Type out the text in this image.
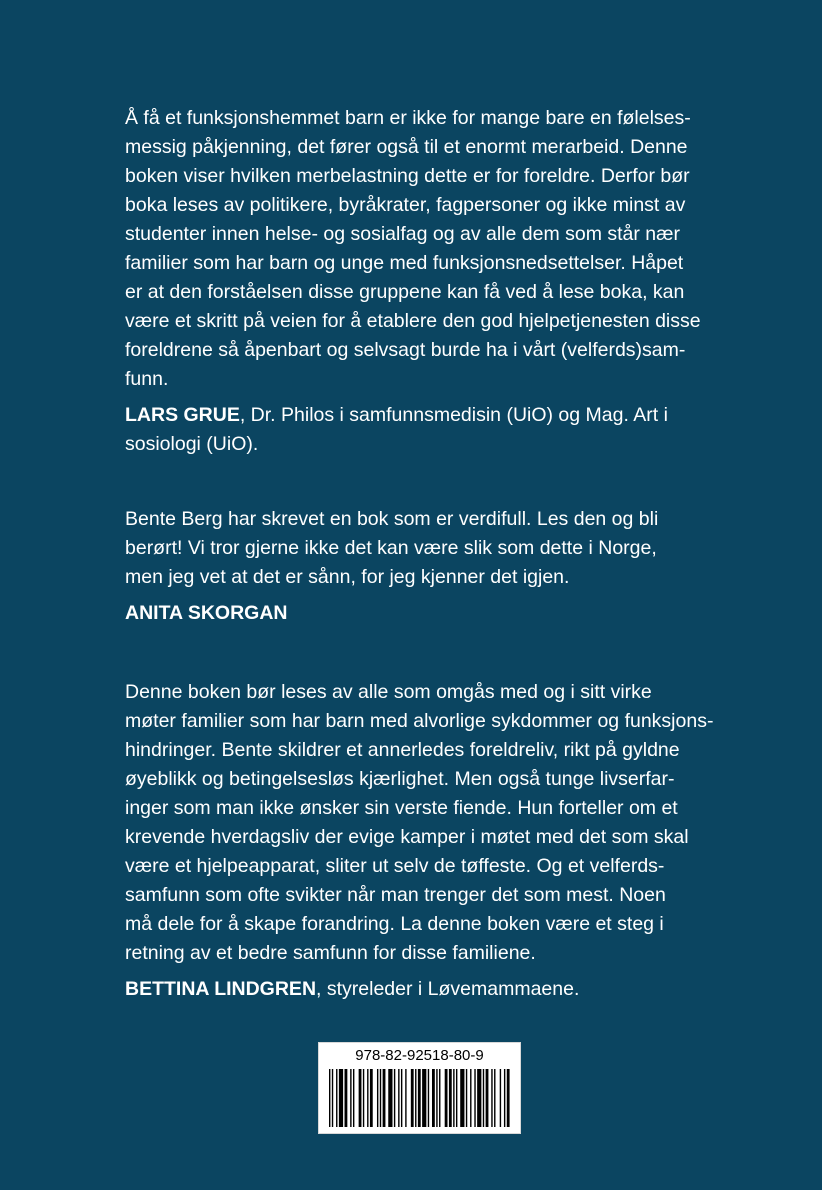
Å få et funksjonshemmet barn er ikke for mange bare en følelses-
messig påkjenning, det fører også til et enormt merarbeid. Denne
boken viser hvilken merbelastning dette er for foreldre. Derfor bør
boka leses av politikere, byråkrater, fagpersoner og ikke minst av
studenter innen helse- og sosialfag og av alle dem som står nær
familier som har barn og unge med funksjonsnedsettelser. Håpet
er at den forståelsen disse gruppene kan få ved å lese boka, kan
være et skritt på veien for å etablere den god hjelpetjenesten disse
foreldrene så åpenbart og selvsagt burde ha i vårt (velferds)sam-
funn.

LARS GRUE, Dr. Philos i samfunnsmedisin (UiO) og Mag. Art i
sosiologi (UiO).

Bente Berg har skrevet en bok som er verdifull. Les den og bli
berørt! Vi tror gjerne ikke det kan være slik som dette i Norge,
men jeg vet at det er sånn, for jeg kjenner det igjen.

ANITA SKORGAN

Denne boken bør leses av alle som omgås med og i sitt virke
møter familier som har barn med alvorlige sykdommer og funksjons-
hindringer. Bente skildrer et annerledes foreldreliv, rikt på gyldne
øyeblikk og betingelsesløs kjærlighet. Men også tunge livserfar-
inger som man ikke ønsker sin verste fiende. Hun forteller om et
krevende hverdagsliv der evige kamper i møtet med det som skal
være et hjelpeapparat, sliter ut selv de tøffeste. Og et velferds-
samfunn som ofte svikter når man trenger det som mest. Noen
må dele for å skape forandring. La denne boken være et steg i
retning av et bedre samfunn for disse familiene.

BETTINA LINDGREN, styreleder i Løvemammaene.

978-82-92518-80-9
